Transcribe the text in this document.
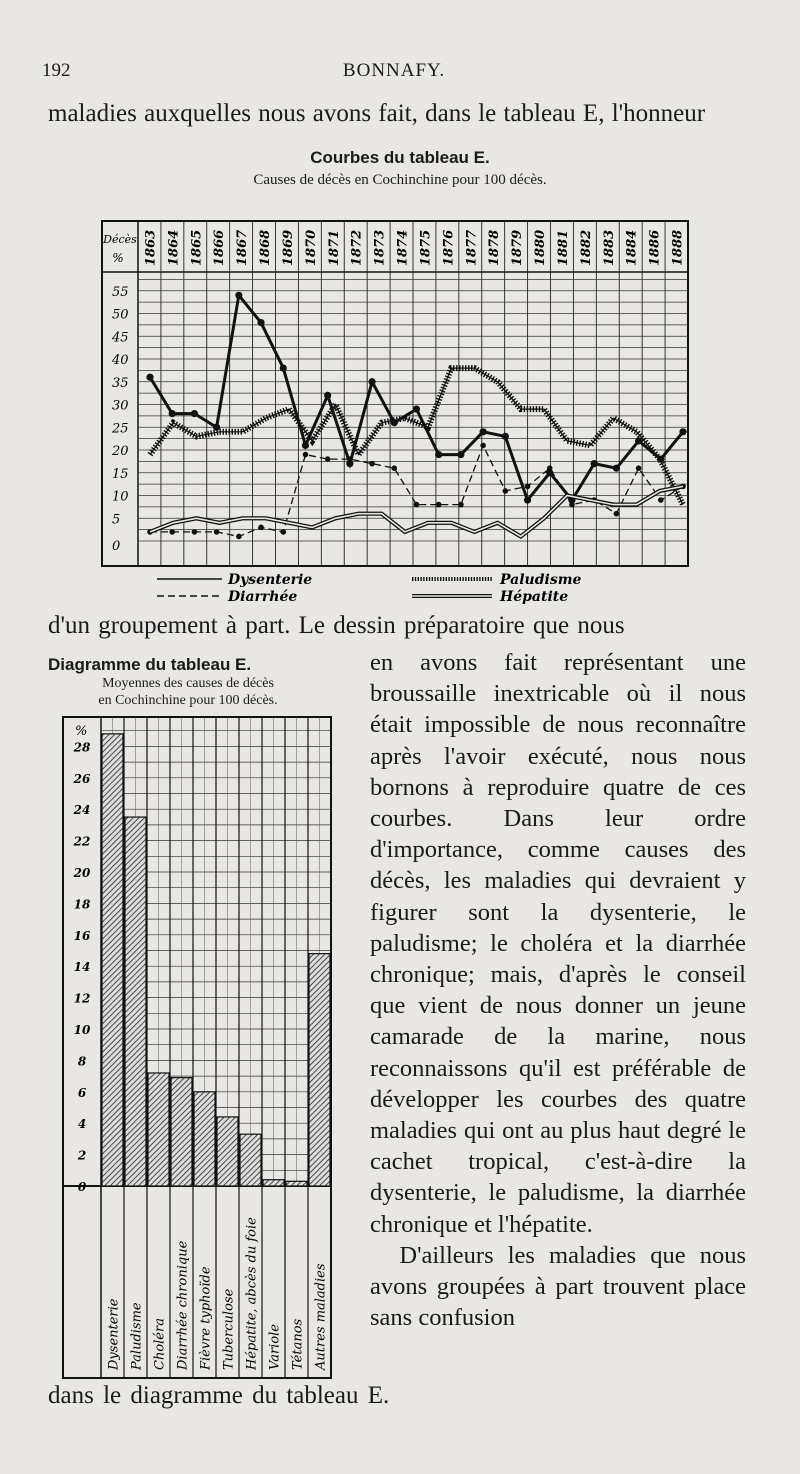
192	BONNAFY.
maladies auxquelles nous avons fait, dans le tableau E, l'honneur
Courbes du tableau E.
Causes de décès en Cochinchine pour 100 décès.
Décès
% 1863 1864 1865 1866 1867 1868 1869 1870 1871 1872 1873 1874 1875 1876 1877 1878 1879 1880 1881 1882 1883 1884 1886 1888
55
50
45
40
35
30
25
20
15
10
5
0
Dysenterie
Diarrhée
Paludisme
Hépatite
d'un groupement à part. Le dessin préparatoire que nous
Diagramme du tableau E.
Moyennes des causes de décès
en Cochinchine pour 100 décès.
%
28
26
24
22
20
18
16
14
12
10
8
6
4
2
0
Dysenterie Paludisme Choléra Diarrhée chronique Fièvre typhoïde Tuberculose Hépatite, abcès du foie Variole Tétanos Autres maladies

en avons fait représentant une broussaille inextricable où il nous était impossible de nous reconnaître après l'avoir exécuté, nous nous bornons à reproduire quatre de ces courbes. Dans leur ordre d'importance, comme causes des décès, les maladies qui devraient y figurer sont la dysenterie, le paludisme; le choléra et la diarrhée chronique; mais, d'après le conseil que vient de nous donner un jeune camarade de la marine, nous reconnaissons qu'il est préférable de développer les courbes des quatre maladies qui ont au plus haut degré le cachet tropical, c'est-à-dire la dysenterie, le paludisme, la diarrhée chronique et l'hépatite.

D'ailleurs les maladies que nous avons groupées à part trouvent place sans confusion

dans le diagramme du tableau E.
